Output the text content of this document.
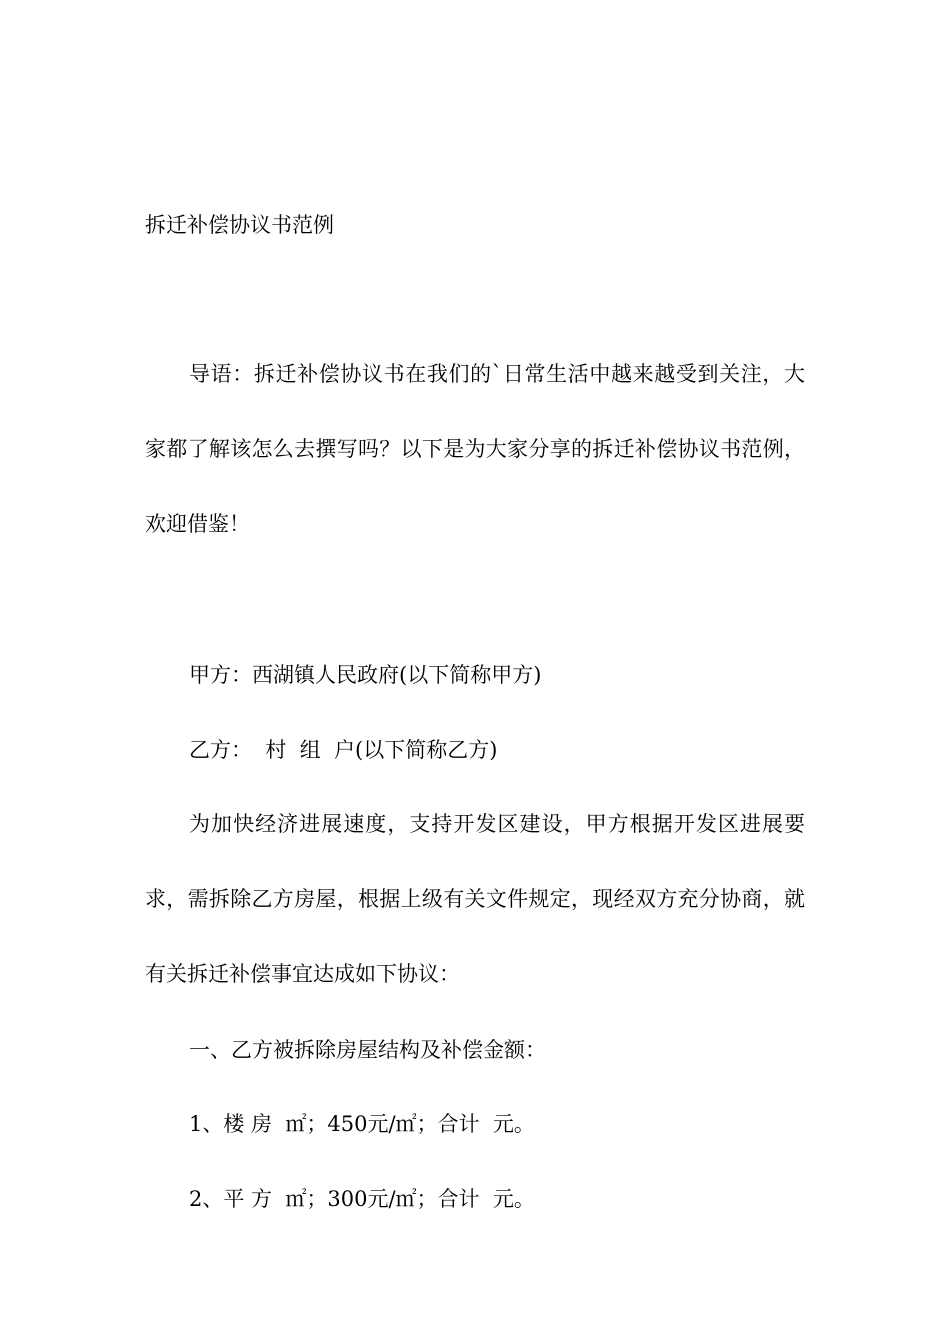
拆迁补偿协议书范例

导语：拆迁补偿协议书在我们的`日常生活中越来越受到关注，大家都了解该怎么去撰写吗？以下是为大家分享的拆迁补偿协议书范例，欢迎借鉴！

甲方：西湖镇人民政府(以下简称甲方)

乙方：  村  组  户(以下简称乙方)

为加快经济进展速度，支持开发区建设，甲方根据开发区进展要求，需拆除乙方房屋，根据上级有关文件规定，现经双方充分协商，就有关拆迁补偿事宜达成如下协议：

一、乙方被拆除房屋结构及补偿金额：

1、楼 房  ㎡；450元/㎡；合计  元。

2、平 方  ㎡；300元/㎡；合计  元。
